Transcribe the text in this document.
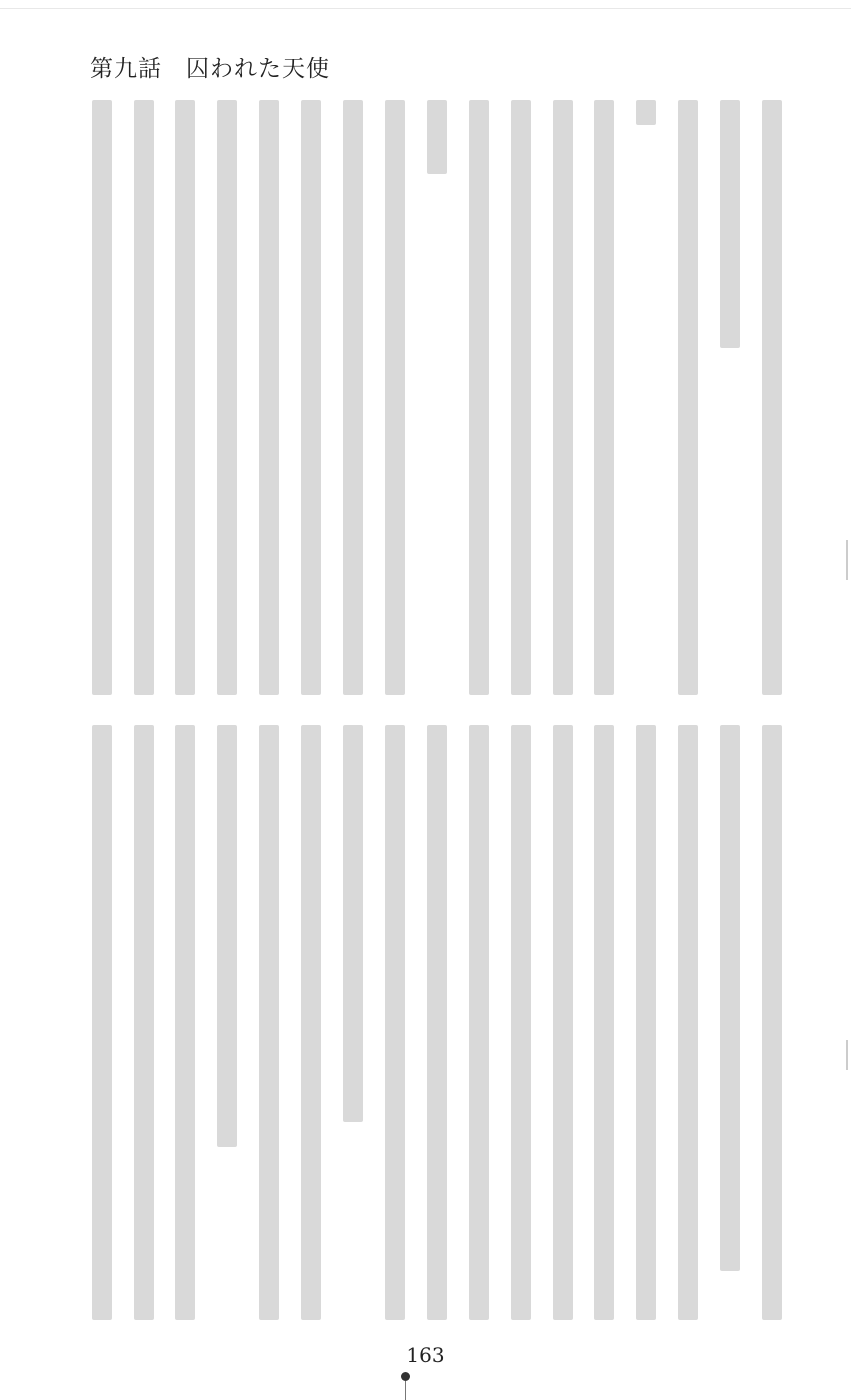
第九話　囚われた天使
163
